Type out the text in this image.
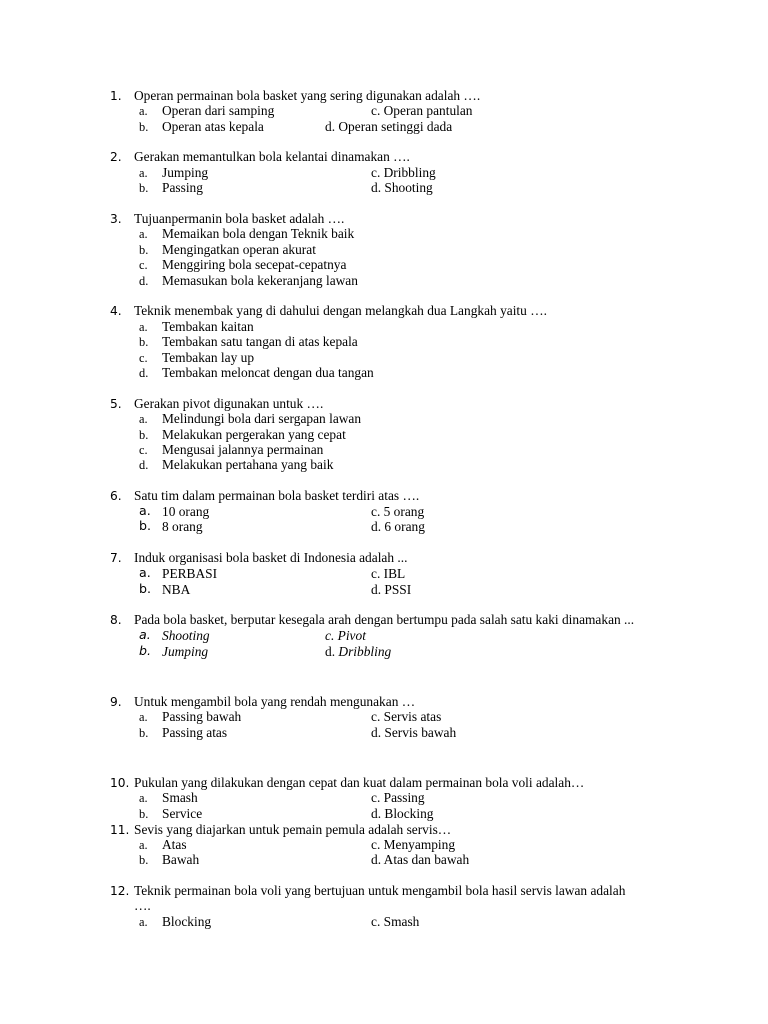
1. Operan permainan bola basket yang sering digunakan adalah ….
a. Operan dari samping	c. Operan pantulan
b. Operan atas kepala	d. Operan setinggi dada
2. Gerakan memantulkan bola kelantai dinamakan ….
a. Jumping	c. Dribbling
b. Passing	d. Shooting
3. Tujuanpermanin bola basket adalah ….
a. Memaikan bola dengan Teknik baik
b. Mengingatkan operan akurat
c. Menggiring bola secepat-cepatnya
d. Memasukan bola kekeranjang lawan
4. Teknik menembak yang di dahului dengan melangkah dua Langkah yaitu ….
a. Tembakan kaitan
b. Tembakan satu tangan di atas kepala
c. Tembakan lay up
d. Tembakan meloncat dengan dua tangan
5. Gerakan pivot digunakan untuk ….
a. Melindungi bola dari sergapan lawan
b. Melakukan pergerakan yang cepat
c. Mengusai jalannya permainan
d. Melakukan pertahana yang baik
6. Satu tim dalam permainan bola basket terdiri atas ….
a. 10 orang	c. 5 orang
b. 8 orang	d. 6 orang
7. Induk organisasi bola basket di Indonesia adalah ...
a. PERBASI	c. IBL
b. NBA	d. PSSI
8. Pada bola basket, berputar kesegala arah dengan bertumpu pada salah satu kaki dinamakan ...
a. Shooting	c. Pivot
b. Jumping	d. Dribbling
9. Untuk mengambil bola yang rendah mengunakan …
a. Passing bawah	c. Servis atas
b. Passing atas	d. Servis bawah
10. Pukulan yang dilakukan dengan cepat dan kuat dalam permainan bola voli adalah…
a. Smash	c. Passing
b. Service	d. Blocking
11. Sevis yang diajarkan untuk pemain pemula adalah servis…
a. Atas	c. Menyamping
b. Bawah	d. Atas dan bawah
12. Teknik permainan bola voli yang bertujuan untuk mengambil bola hasil servis lawan adalah
….
a. Blocking	c. Smash
